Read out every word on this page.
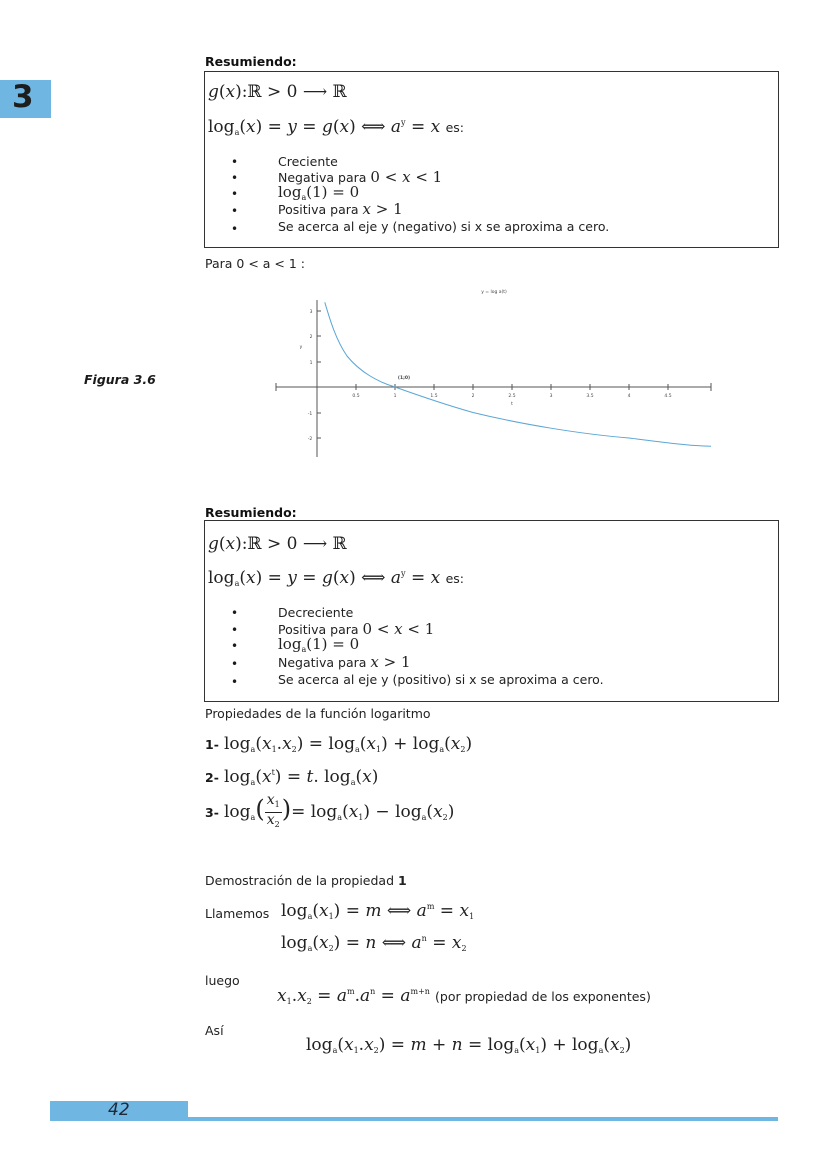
3
Resumiendo:
g(x):ℝ > 0 ⟶ ℝ
$\log_a(x) = y = g(x)$ ⟺ $a^y = x$ es:
•	Creciente
•	Negativa para 0 < x < 1
•	$\log_a(1) = 0$
•	Positiva para x > 1
•	Se acerca al eje y (negativo) si x se aproxima a cero.
Para 0 < a < 1 :
Figura 3.6
0.5	1	1.5	2	2.5	3	3.5	4	4.5
3
2
1
-1
-2
t
y
(1;0)
y = log a(t)
Resumiendo:
g(x):ℝ > 0 ⟶ ℝ
$\log_a(x) = y = g(x)$ ⟺ $a^y = x$ es:
•	Decreciente
•	Positiva para 0 < x < 1
•	$\log_a(1) = 0$
•	Negativa para x > 1
•	Se acerca al eje y (positivo) si x se aproxima a cero.
Propiedades de la función logaritmo
1- $\log_a(x_1.x_2) = \log_a(x_1) + \log_a(x_2)$
2- $\log_a(x^t) = t$. $\log_a(x)$
3- $\log_a( \frac{x_1}{x_2}$ )= $\log_a(x_1) - \log_a(x_2)$
Demostración de la propiedad 1
Llamemos $\log_a(x_1) = m$ ⟺ $a^m = x_1$
$\log_a(x_2) = n$ ⟺ $a^n = x_2$
luego
$x_1.x_2 = a^m.a^n = a^{m+n}$ (por propiedad de los exponentes)
Así
$\log_a(x_1.x_2) = m + n = \log_a(x_1) + \log_a(x_2)$
42
